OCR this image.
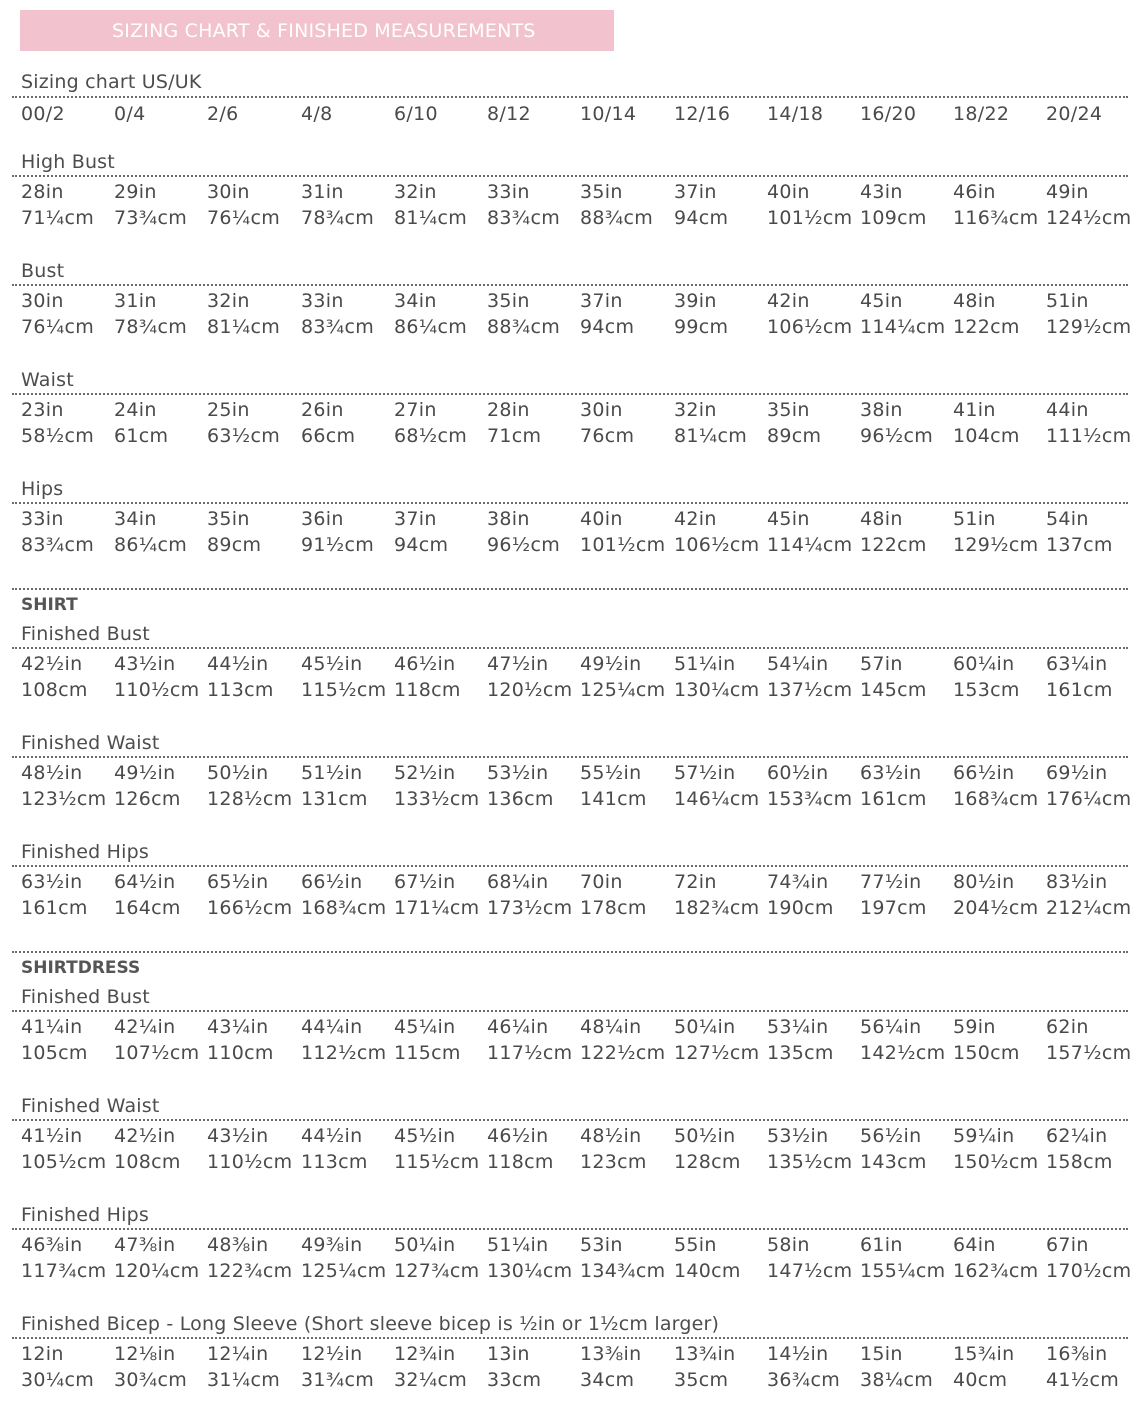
SIZING CHART & FINISHED MEASUREMENTS
Sizing chart US/UK
00/2	0/4	2/6	4/8	6/10	8/12	10/14 12/16 14/18 16/20 18/22 20/24
High Bust
28in	29in	30in	31in	32in	33in	35in	37in	40in	43in	46in	49in
71¼cm 73¾cm 76¼cm 78¾cm 81¼cm 83¾cm 88¾cm 94cm 101½cm 109cm 116¾cm 124½cm
Bust
30in	31in	32in	33in	34in	35in	37in	39in	42in	45in	48in	51in
76¼cm 78¾cm 81¼cm 83¾cm 86¼cm 88¾cm 94cm 99cm 106½cm 114¼cm 122cm 129½cm
Waist
23in	24in	25in	26in	27in	28in	30in	32in	35in	38in	41in	44in
58½cm 61cm 63½cm 66cm 68½cm 71cm 76cm 81¼cm 89cm 96½cm 104cm 111½cm
Hips
33in	34in	35in	36in	37in	38in	40in	42in	45in	48in	51in	54in
83¾cm 86¼cm 89cm 91½cm 94cm 96½cm 101½cm 106½cm 114¼cm 122cm 129½cm 137cm
SHIRT
Finished Bust
42½in 43½in 44½in 45½in 46½in 47½in 49½in 51¼in 54¼in 57in	60¼in 63¼in
108cm 110½cm 113cm 115½cm 118cm 120½cm 125¼cm 130¼cm 137½cm 145cm 153cm 161cm
Finished Waist
48½in 49½in 50½in 51½in 52½in 53½in 55½in 57½in 60½in 63½in 66½in 69½in
123½cm 126cm 128½cm 131cm 133½cm 136cm 141cm 146¼cm 153¾cm 161cm 168¾cm 176¼cm
Finished Hips
63½in 64½in 65½in 66½in 67½in 68¼in 70in	72in	74¾in 77½in 80½in 83½in
161cm 164cm 166½cm 168¾cm 171¼cm 173½cm 178cm 182¾cm 190cm 197cm 204½cm 212¼cm
SHIRTDRESS
Finished Bust
41¼in 42¼in 43¼in 44¼in 45¼in 46¼in 48¼in 50¼in 53¼in 56¼in 59in	62in
105cm 107½cm 110cm 112½cm 115cm 117½cm 122½cm 127½cm 135cm 142½cm 150cm 157½cm
Finished Waist
41½in 42½in 43½in 44½in 45½in 46½in 48½in 50½in 53½in 56½in 59¼in 62¼in
105½cm 108cm 110½cm 113cm 115½cm 118cm 123cm 128cm 135½cm 143cm 150½cm 158cm
Finished Hips
46⅜in 47⅜in 48⅜in 49⅜in 50¼in 51¼in 53in	55in	58in	61in	64in	67in
117¾cm 120¼cm 122¾cm 125¼cm 127¾cm 130¼cm 134¾cm 140cm 147½cm 155¼cm 162¾cm 170½cm
Finished Bicep - Long Sleeve (Short sleeve bicep is ½in or 1½cm larger)
12in	12⅛in 12¼in 12½in 12¾in 13in	13⅜in 13¾in 14½in 15in	15¾in 16⅜in
30¼cm 30¾cm 31¼cm 31¾cm 32¼cm 33cm 34cm 35cm 36¾cm 38¼cm 40cm 41½cm
